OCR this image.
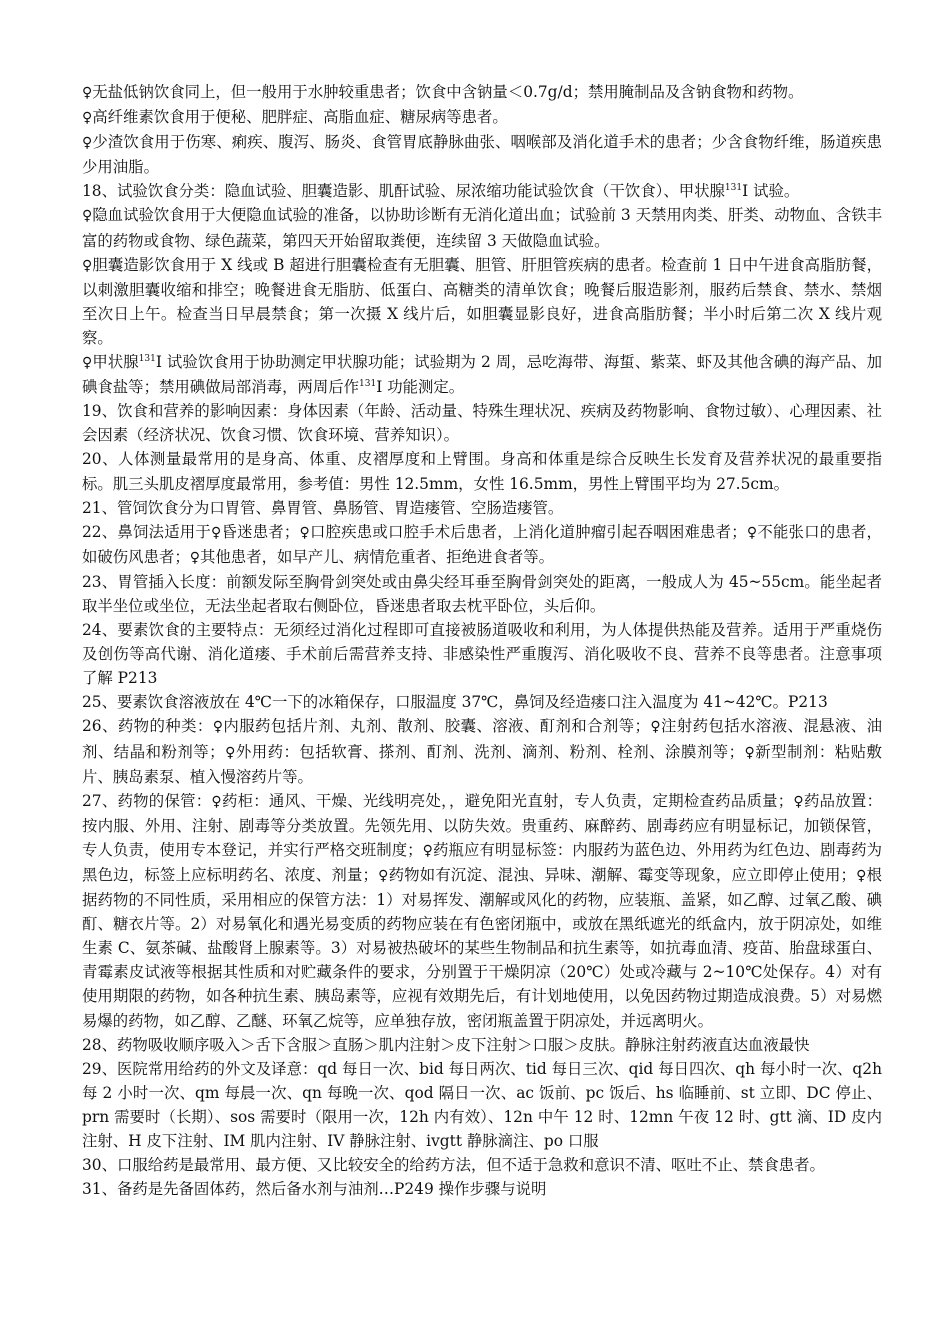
♀无盐低钠饮食同上，但一般用于水肿较重患者；饮食中含钠量＜0.7g/d；禁用腌制品及含钠食物和药物。

♀高纤维素饮食用于便秘、肥胖症、高脂血症、糖尿病等患者。

♀少渣饮食用于伤寒、痢疾、腹泻、肠炎、食管胃底静脉曲张、咽喉部及消化道手术的患者；少含食物纤维，肠道疾患少用油脂。

18、试验饮食分类：隐血试验、胆囊造影、肌酐试验、尿浓缩功能试验饮食（干饮食）、甲状腺$^{131}$I 试验。

♀隐血试验饮食用于大便隐血试验的准备，以协助诊断有无消化道出血；试验前 3 天禁用肉类、肝类、动物血、含铁丰富的药物或食物、绿色蔬菜，第四天开始留取粪便，连续留 3 天做隐血试验。

♀胆囊造影饮食用于 X 线或 B 超进行胆囊检查有无胆囊、胆管、肝胆管疾病的患者。检查前 1 日中午进食高脂肪餐，以刺激胆囊收缩和排空；晚餐进食无脂肪、低蛋白、高糖类的清单饮食；晚餐后服造影剂，服药后禁食、禁水、禁烟至次日上午。检查当日早晨禁食；第一次摄 X 线片后，如胆囊显影良好，进食高脂肪餐；半小时后第二次 X 线片观察。

♀甲状腺$^{131}$I 试验饮食用于协助测定甲状腺功能；试验期为 2 周，忌吃海带、海蜇、紫菜、虾及其他含碘的海产品、加碘食盐等；禁用碘做局部消毒，两周后作$^{131}$I 功能测定。

19、饮食和营养的影响因素：身体因素（年龄、活动量、特殊生理状况、疾病及药物影响、食物过敏）、心理因素、社会因素（经济状况、饮食习惯、饮食环境、营养知识）。

20、人体测量最常用的是身高、体重、皮褶厚度和上臂围。身高和体重是综合反映生长发育及营养状况的最重要指标。肌三头肌皮褶厚度最常用，参考值：男性 12.5mm，女性 16.5mm，男性上臂围平均为 27.5cm。

21、管饲饮食分为口胃管、鼻胃管、鼻肠管、胃造瘘管、空肠造瘘管。

22、鼻饲法适用于♀昏迷患者；♀口腔疾患或口腔手术后患者，上消化道肿瘤引起吞咽困难患者；♀不能张口的患者，如破伤风患者；♀其他患者，如早产儿、病情危重者、拒绝进食者等。

23、胃管插入长度：前额发际至胸骨剑突处或由鼻尖经耳垂至胸骨剑突处的距离，一般成人为 45~55cm。能坐起者取半坐位或坐位，无法坐起者取右侧卧位，昏迷患者取去枕平卧位，头后仰。

24、要素饮食的主要特点：无须经过消化过程即可直接被肠道吸收和利用，为人体提供热能及营养。适用于严重烧伤及创伤等高代谢、消化道瘘、手术前后需营养支持、非感染性严重腹泻、消化吸收不良、营养不良等患者。注意事项了解 P213

25、要素饮食溶液放在 4℃一下的冰箱保存，口服温度 37℃，鼻饲及经造瘘口注入温度为 41~42℃。P213

26、药物的种类：♀内服药包括片剂、丸剂、散剂、胶囊、溶液、酊剂和合剂等；♀注射药包括水溶液、混悬液、油剂、结晶和粉剂等；♀外用药：包括软膏、搽剂、酊剂、洗剂、滴剂、粉剂、栓剂、涂膜剂等；♀新型制剂：粘贴敷片、胰岛素泵、植入慢溶药片等。

27、药物的保管：♀药柜：通风、干燥、光线明亮处，，避免阳光直射，专人负责，定期检查药品质量；♀药品放置：按内服、外用、注射、剧毒等分类放置。先领先用、以防失效。贵重药、麻醉药、剧毒药应有明显标记，加锁保管，专人负责，使用专本登记，并实行严格交班制度；♀药瓶应有明显标签：内服药为蓝色边、外用药为红色边、剧毒药为黑色边，标签上应标明药名、浓度、剂量；♀药物如有沉淀、混浊、异味、潮解、霉变等现象，应立即停止使用；♀根据药物的不同性质，采用相应的保管方法：1）对易挥发、潮解或风化的药物，应装瓶、盖紧，如乙醇、过氧乙酸、碘酊、糖衣片等。2）对易氧化和遇光易变质的药物应装在有色密闭瓶中，或放在黑纸遮光的纸盒内，放于阴凉处，如维生素 C、氨茶碱、盐酸肾上腺素等。3）对易被热破坏的某些生物制品和抗生素等，如抗毒血清、疫苗、胎盘球蛋白、青霉素皮试液等根据其性质和对贮藏条件的要求，分别置于干燥阴凉（20℃）处或冷藏与 2~10℃处保存。4）对有使用期限的药物，如各种抗生素、胰岛素等，应视有效期先后，有计划地使用，以免因药物过期造成浪费。5）对易燃易爆的药物，如乙醇、乙醚、环氧乙烷等，应单独存放，密闭瓶盖置于阴凉处，并远离明火。

28、药物吸收顺序吸入＞舌下含服＞直肠＞肌内注射＞皮下注射＞口服＞皮肤。静脉注射药液直达血液最快

29、医院常用给药的外文及译意：qd 每日一次、bid 每日两次、tid 每日三次、qid 每日四次、qh 每小时一次、q2h 每 2 小时一次、qm 每晨一次、qn 每晚一次、qod 隔日一次、ac 饭前、pc 饭后、hs 临睡前、st 立即、DC 停止、prn 需要时（长期）、sos 需要时（限用一次，12h 内有效）、12n 中午 12 时、12mn 午夜 12 时、gtt 滴、ID 皮内注射、H 皮下注射、IM 肌内注射、IV 静脉注射、ivgtt 静脉滴注、po 口服

30、口服给药是最常用、最方便、又比较安全的给药方法，但不适于急救和意识不清、呕吐不止、禁食患者。

31、备药是先备固体药，然后备水剂与油剂…P249 操作步骤与说明
